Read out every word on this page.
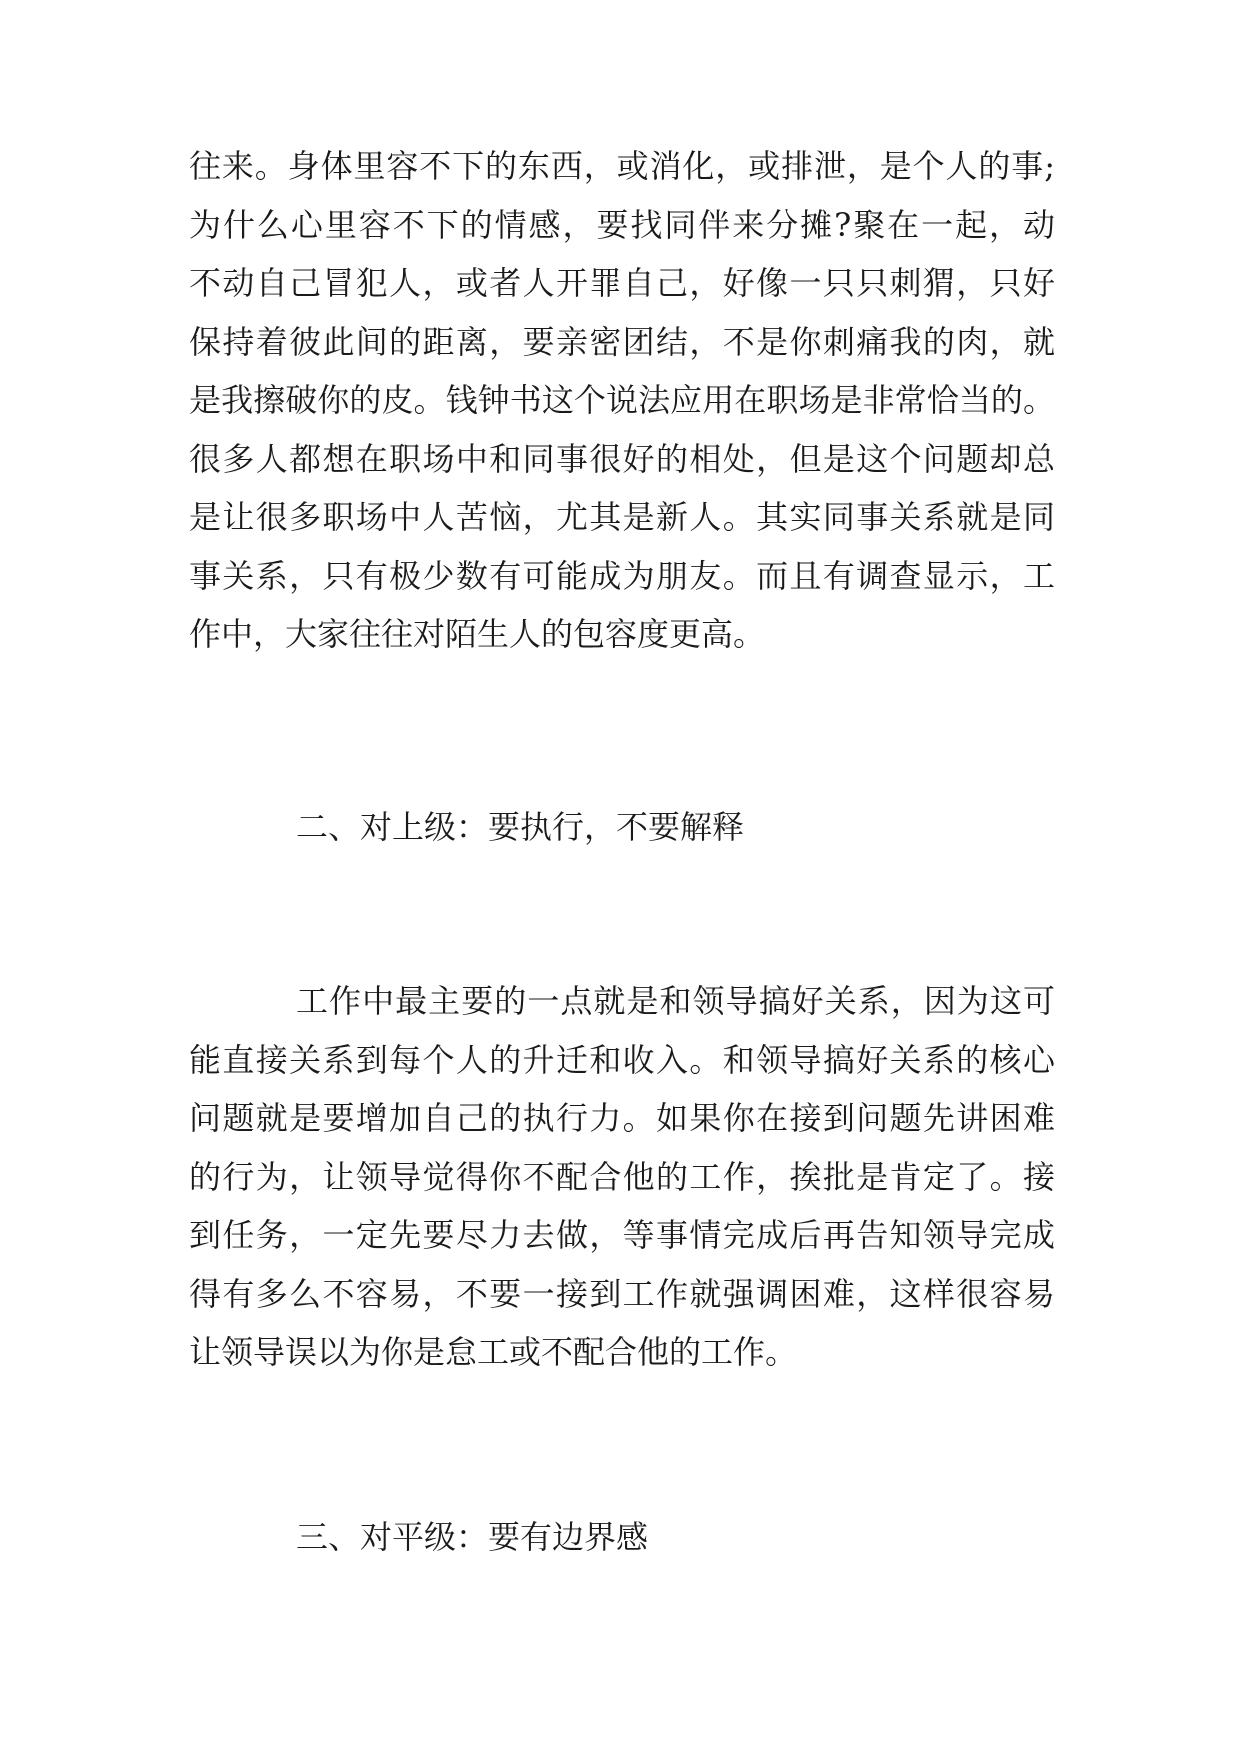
往来。身体里容不下的东西，或消化，或排泄，是个人的事;
为什么心里容不下的情感，要找同伴来分摊?聚在一起，动
不动自己冒犯人，或者人开罪自己，好像一只只刺猬，只好
保持着彼此间的距离，要亲密团结，不是你刺痛我的肉，就
是我擦破你的皮。钱钟书这个说法应用在职场是非常恰当的。
很多人都想在职场中和同事很好的相处，但是这个问题却总
是让很多职场中人苦恼，尤其是新人。其实同事关系就是同
事关系，只有极少数有可能成为朋友。而且有调查显示，工
作中，大家往往对陌生人的包容度更高。
二、对上级：要执行，不要解释
工作中最主要的一点就是和领导搞好关系，因为这可
能直接关系到每个人的升迁和收入。和领导搞好关系的核心
问题就是要增加自己的执行力。如果你在接到问题先讲困难
的行为，让领导觉得你不配合他的工作，挨批是肯定了。接
到任务，一定先要尽力去做，等事情完成后再告知领导完成
得有多么不容易，不要一接到工作就强调困难，这样很容易
让领导误以为你是怠工或不配合他的工作。
三、对平级：要有边界感
